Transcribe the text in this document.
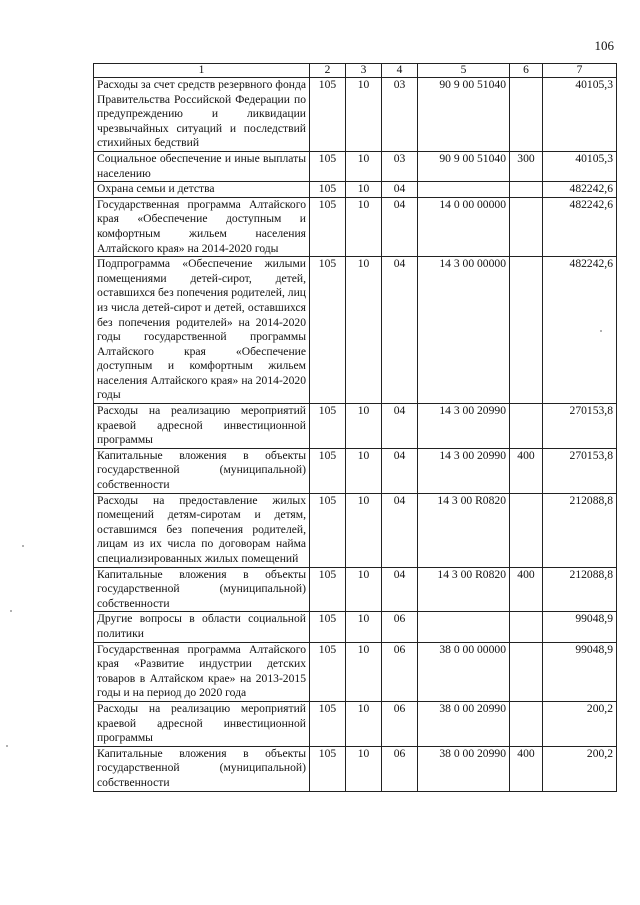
106
1	2	3	4	5	6	7
Расходы за счет средств резервного фонда Правительства Российской Федерации по предупреждению и ликвидации чрезвычайных ситуаций и последствий стихийных бедствий	105	10	03	90 9 00 51040		40105,3
Социальное обеспечение и иные выплаты населению	105	10	03	90 9 00 51040	300	40105,3
Охрана семьи и детства	105	10	04			482242,6
Государственная программа Алтайского края «Обеспечение доступным и комфортным жильем населения Алтайского края» на 2014-2020 годы	105	10	04	14 0 00 00000		482242,6
Подпрограмма «Обеспечение жилыми помещениями детей-сирот, детей, оставшихся без попечения родителей, лиц из числа детей-сирот и детей, оставшихся без попечения родителей» на 2014-2020 годы государственной программы Алтайского края «Обеспечение доступным и комфортным жильем населения Алтайского края» на 2014-2020 годы	105	10	04	14 3 00 00000		482242,6
Расходы на реализацию мероприятий краевой адресной инвестиционной программы	105	10	04	14 3 00 20990		270153,8
Капитальные вложения в объекты государственной (муниципальной) собственности	105	10	04	14 3 00 20990	400	270153,8
Расходы на предоставление жилых помещений детям-сиротам и детям, оставшимся без попечения родителей, лицам из их числа по договорам найма специализированных жилых помещений	105	10	04	14 3 00 R0820		212088,8
Капитальные вложения в объекты государственной (муниципальной) собственности	105	10	04	14 3 00 R0820	400	212088,8
Другие вопросы в области социальной политики	105	10	06			99048,9
Государственная программа Алтайского края «Развитие индустрии детских товаров в Алтайском крае» на 2013-2015 годы и на период до 2020 года	105	10	06	38 0 00 00000		99048,9
Расходы на реализацию мероприятий краевой адресной инвестиционной программы	105	10	06	38 0 00 20990		200,2
Капитальные вложения в объекты государственной (муниципальной) собственности	105	10	06	38 0 00 20990	400	200,2
